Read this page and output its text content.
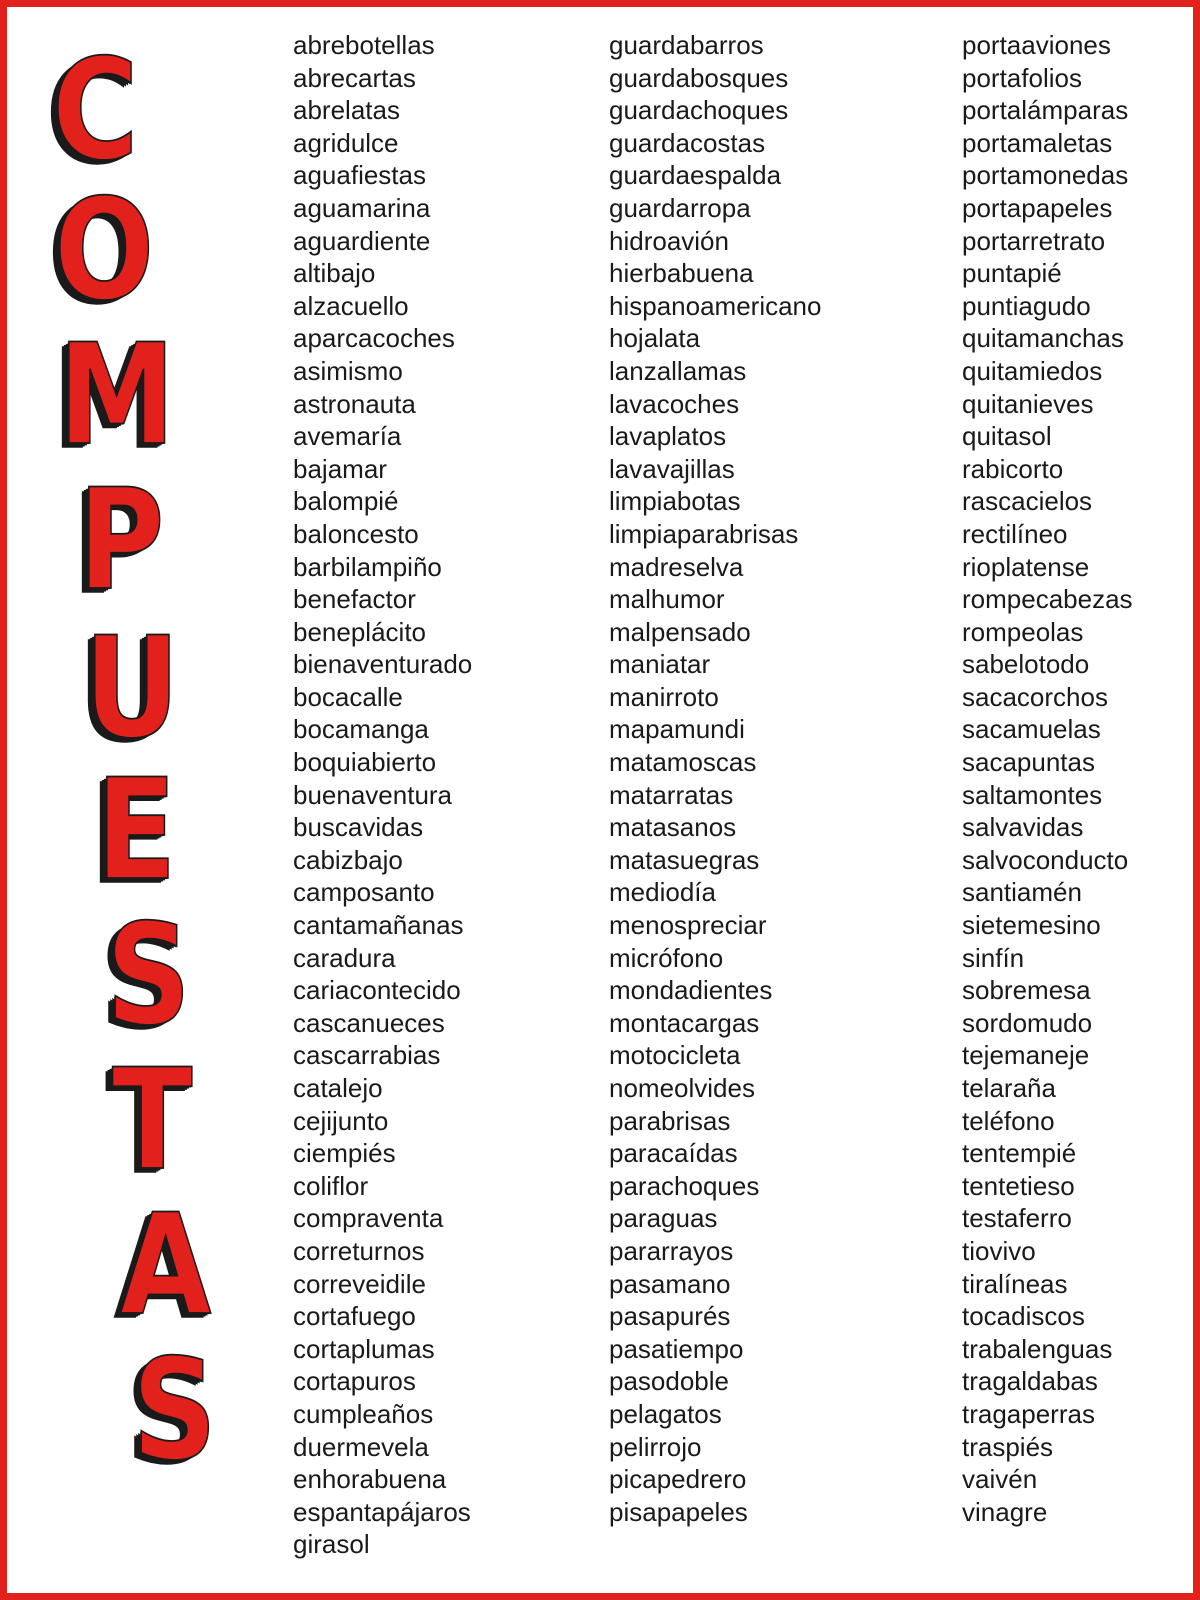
C
O
M
P
U
E
S
T
A
S
abrebotellas
abrecartas
abrelatas
agridulce
aguafiestas
aguamarina
aguardiente
altibajo
alzacuello
aparcacoches
asimismo
astronauta
avemaría
bajamar
balompié
baloncesto
barbilampiño
benefactor
beneplácito
bienaventurado
bocacalle
bocamanga
boquiabierto
buenaventura
buscavidas
cabizbajo
camposanto
cantamañanas
caradura
cariacontecido
cascanueces
cascarrabias
catalejo
cejijunto
ciempiés
coliflor
compraventa
correturnos
correveidile
cortafuego
cortaplumas
cortapuros
cumpleaños
duermevela
enhorabuena
espantapájaros
girasol
guardabarros
guardabosques
guardachoques
guardacostas
guardaespalda
guardarropa
hidroavión
hierbabuena
hispanoamericano
hojalata
lanzallamas
lavacoches
lavaplatos
lavavajillas
limpiabotas
limpiaparabrisas
madreselva
malhumor
malpensado
maniatar
manirroto
mapamundi
matamoscas
matarratas
matasanos
matasuegras
mediodía
menospreciar
micrófono
mondadientes
montacargas
motocicleta
nomeolvides
parabrisas
paracaídas
parachoques
paraguas
pararrayos
pasamano
pasapurés
pasatiempo
pasodoble
pelagatos
pelirrojo
picapedrero
pisapapeles
portaaviones
portafolios
portalámparas
portamaletas
portamonedas
portapapeles
portarretrato
puntapié
puntiagudo
quitamanchas
quitamiedos
quitanieves
quitasol
rabicorto
rascacielos
rectilíneo
rioplatense
rompecabezas
rompeolas
sabelotodo
sacacorchos
sacamuelas
sacapuntas
saltamontes
salvavidas
salvoconducto
santiamén
sietemesino
sinfín
sobremesa
sordomudo
tejemaneje
telaraña
teléfono
tentempié
tentetieso
testaferro
tiovivo
tiralíneas
tocadiscos
trabalenguas
tragaldabas
tragaperras
traspiés
vaivén
vinagre
